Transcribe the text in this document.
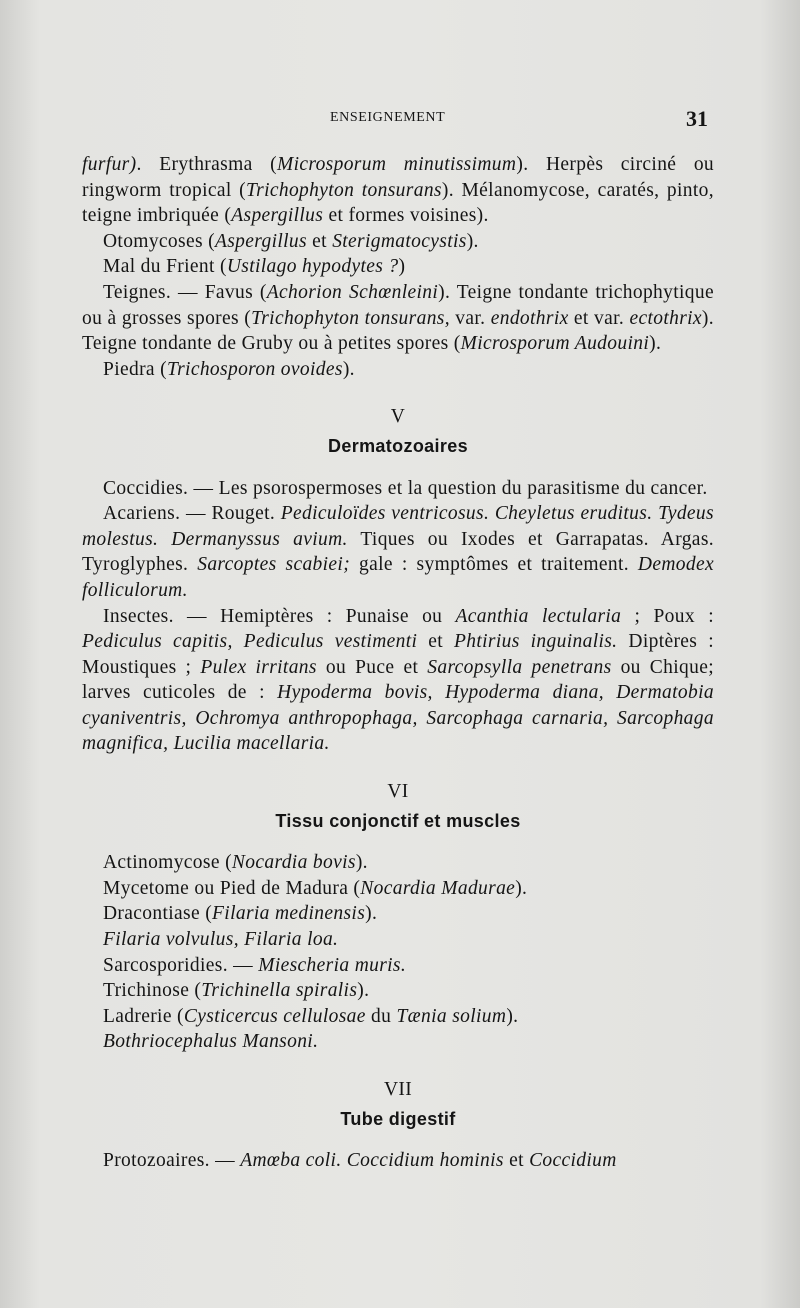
ENSEIGNEMENT	31

furfur). Erythrasma (Microsporum minutissimum). Herpès circiné ou ringworm tropical (Trichophyton tonsurans). Mélanomycose, caratés, pinto, teigne imbriquée (Aspergillus et formes voisines).

Otomycoses (Aspergillus et Sterigmatocystis).

Mal du Frient (Ustilago hypodytes ?)

Teignes. — Favus (Achorion Schœnleini). Teigne tondante trichophytique ou à grosses spores (Trichophyton tonsurans, var. endothrix et var. ectothrix). Teigne tondante de Gruby ou à petites spores (Microsporum Audouini).

Piedra (Trichosporon ovoides).

V
Dermatozoaires

Coccidies. — Les psorospermoses et la question du parasitisme du cancer.

Acariens. — Rouget. Pediculoïdes ventricosus. Cheyletus eruditus. Tydeus molestus. Dermanyssus avium. Tiques ou Ixodes et Garrapatas. Argas. Tyroglyphes. Sarcoptes scabiei; gale : symptômes et traitement. Demodex folliculorum.

Insectes. — Hemiptères : Punaise ou Acanthia lectularia ; Poux : Pediculus capitis, Pediculus vestimenti et Phtirius inguinalis. Diptères : Moustiques ; Pulex irritans ou Puce et Sarcopsylla penetrans ou Chique; larves cuticoles de : Hypoderma bovis, Hypoderma diana, Dermatobia cyaniventris, Ochromya anthropophaga, Sarcophaga carnaria, Sarcophaga magnifica, Lucilia macellaria.

VI
Tissu conjonctif et muscles

Actinomycose (Nocardia bovis).

Mycetome ou Pied de Madura (Nocardia Madurae).

Dracontiase (Filaria medinensis).

Filaria volvulus, Filaria loa.

Sarcosporidies. — Miescheria muris.

Trichinose (Trichinella spiralis).

Ladrerie (Cysticercus cellulosae du Tænia solium).

Bothriocephalus Mansoni.

VII
Tube digestif

Protozoaires. — Amœba coli. Coccidium hominis et Coccidium
